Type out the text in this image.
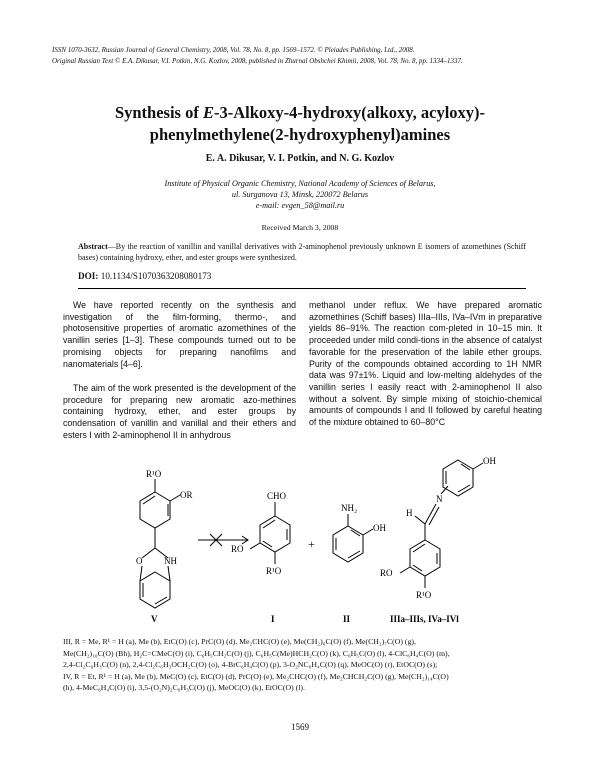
ISSN 1070-3632, Russian Journal of General Chemistry, 2008, Vol. 78, No. 8, pp. 1569–1572. © Pleiades Publishing, Ltd., 2008.
Original Russian Text © E.A. Dikusar, V.I. Potkin, N.G. Kozlov, 2008, published in Zhurnal Obshchei Khimii, 2008, Vol. 78, No. 8, pp. 1334–1337.
Synthesis of E-3-Alkoxy-4-hydroxy(alkoxy, acyloxy)-
phenylmethylene(2-hydroxyphenyl)amines
E. A. Dikusar, V. I. Potkin, and N. G. Kozlov
Institute of Physical Organic Chemistry, National Academy of Sciences of Belarus,
ul. Surganova 13, Minsk, 220072 Belarus
e-mail: evgen_58@mail.ru
Received March 3, 2008
Abstract—By the reaction of vanillin and vanillal derivatives with 2-aminophenol previously unknown E isomers of azomethines (Schiff bases) containing hydroxy, ether, and ester groups were synthesized.
DOI: 10.1134/S1070363208080173
We have reported recently on the synthesis and investigation of the film-forming, thermo-, and photosensitive properties of aromatic azomethines of the vanillin series [1–3]. These compounds turned out to be promising objects for preparing nanofilms and nanomaterials [4–6].
The aim of the work presented is the development of the procedure for preparing new aromatic azo-methines containing hydroxy, ether, and ester groups by condensation of vanillin and vanillal and their ethers and esters I with 2-aminophenol II in anhydrous
methanol under reflux. We have prepared aromatic azomethines (Schiff bases) IIIa–IIIs, IVa–IVm in preparative yields 86–91%. The reaction com-pleted in 10–15 min. It proceeded under mild condi-tions in the absence of catalyst favorable for the preservation of the labile ether groups. Purity of the compounds obtained according to 1H NMR data was 97±1%. Liquid and low-melting aldehydes of the vanillin series I easily react with 2-aminophenol II also without a solvent. By simple mixing of stoichio-chemical amounts of compounds I and II followed by careful heating of the mixture obtained to 60–80°C
R¹O
OR
O NH
CHO
RO
R¹O
+
NH₂
OH
H
N
OH
RO
R¹O
V	I	II	IIIa–IIIs, IVa–IVl
III, R = Me, R¹ = H (a), Me (b), EtC(O) (c), PrC(O) (d), Me₂CHC(O) (e), Me(CH₂)₆C(O) (f), Me(CH₂)₇C(O) (g),
Me(CH₂)₁₀C(O) (Bh), H₂C=CMeC(O) (i), C₆H₅CH₂C(O) (j), C₆H₅C(Me)HCH₂C(O) (k), C₆H₅C(O) (l), 4-ClC₆H₄C(O) (m),
2,4-Cl₂C₆H₃C(O) (n), 2,4-Cl₂C₆H₃OCH₂C(O) (o), 4-BrC₆H₄C(O) (p), 3-O₂NC₆H₄C(O) (q), MeOC(O) (r), EtOC(O) (s);
IV, R = Et, R¹ = H (a), Me (b), MeC(O) (c), EtC(O) (d), PrC(O) (e), Me₂CHC(O) (f), Me₂CHCH₂C(O) (g), Me(CH₂)₁₄C(O)
(h), 4-MeC₆H₄C(O) (i), 3,5-(O₂N)₂C₆H₃C(O) (j), MeOC(O) (k), EtOC(O) (l).
1569
